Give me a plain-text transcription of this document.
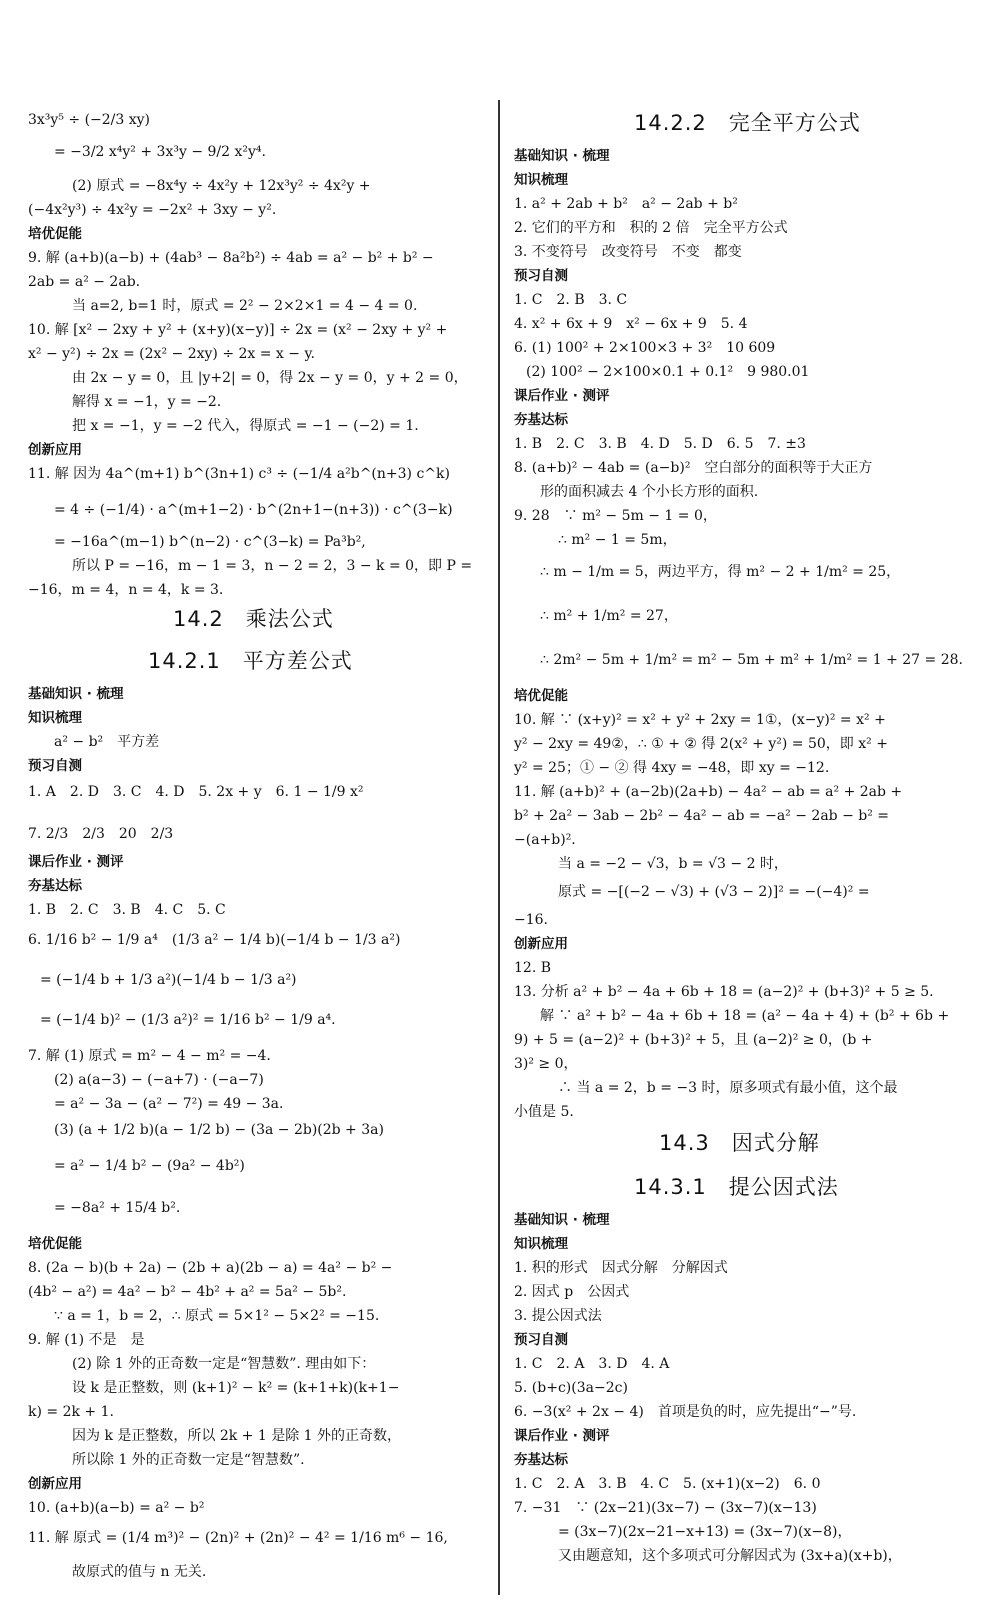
3x³y⁵ ÷ (−2/3 xy)
= −3/2 x⁴y² + 3x³y − 9/2 x²y⁴.
(2) 原式 = −8x⁴y ÷ 4x²y + 12x³y² ÷ 4x²y +
(−4x²y³) ÷ 4x²y = −2x² + 3xy − y².
培优促能
9. 解 (a+b)(a−b) + (4ab³ − 8a²b²) ÷ 4ab = a² − b² + b² −
2ab = a² − 2ab.
当 a=2, b=1 时，原式 = 2² − 2×2×1 = 4 − 4 = 0.
10. 解 [x² − 2xy + y² + (x+y)(x−y)] ÷ 2x = (x² − 2xy + y² +
x² − y²) ÷ 2x = (2x² − 2xy) ÷ 2x = x − y.
由 2x − y = 0，且 |y+2| = 0，得 2x − y = 0，y + 2 = 0，
解得 x = −1，y = −2.
把 x = −1，y = −2 代入，得原式 = −1 − (−2) = 1.
创新应用
11. 解 因为 4a^(m+1) b^(3n+1) c³ ÷ (−1/4 a²b^(n+3) c^k)
= 4 ÷ (−1/4) · a^(m+1−2) · b^(2n+1−(n+3)) · c^(3−k)
= −16a^(m−1) b^(n−2) · c^(3−k) = Pa³b²,
所以 P = −16，m − 1 = 3，n − 2 = 2，3 − k = 0，即 P =
−16，m = 4，n = 4，k = 3.
14.2　乘法公式
14.2.1　平方差公式
基础知识 · 梳理
知识梳理
a² − b²　平方差
预习自测
1. A　2. D　3. C　4. D　5. 2x + y　6. 1 − 1/9 x²
7. 2/3　2/3　20　2/3
课后作业 · 测评
夯基达标
1. B　2. C　3. B　4. C　5. C
6. 1/16 b² − 1/9 a⁴　(1/3 a² − 1/4 b)(−1/4 b − 1/3 a²)
= (−1/4 b + 1/3 a²)(−1/4 b − 1/3 a²)
= (−1/4 b)² − (1/3 a²)² = 1/16 b² − 1/9 a⁴.
7. 解 (1) 原式 = m² − 4 − m² = −4.
(2) a(a−3) − (−a+7) · (−a−7)
= a² − 3a − (a² − 7²) = 49 − 3a.
(3) (a + 1/2 b)(a − 1/2 b) − (3a − 2b)(2b + 3a)
= a² − 1/4 b² − (9a² − 4b²)
= −8a² + 15/4 b².
培优促能
8. (2a − b)(b + 2a) − (2b + a)(2b − a) = 4a² − b² −
(4b² − a²) = 4a² − b² − 4b² + a² = 5a² − 5b².
∵ a = 1，b = 2，∴ 原式 = 5×1² − 5×2² = −15.
9. 解 (1) 不是　是
(2) 除 1 外的正奇数一定是“智慧数”. 理由如下：
设 k 是正整数，则 (k+1)² − k² = (k+1+k)(k+1−
k) = 2k + 1.
因为 k 是正整数，所以 2k + 1 是除 1 外的正奇数，
所以除 1 外的正奇数一定是“智慧数”.
创新应用
10. (a+b)(a−b) = a² − b²
11. 解 原式 = (1/4 m³)² − (2n)² + (2n)² − 4² = 1/16 m⁶ − 16,
故原式的值与 n 无关.
14.2.2　完全平方公式
基础知识 · 梳理
知识梳理
1. a² + 2ab + b²　a² − 2ab + b²
2. 它们的平方和　积的 2 倍　完全平方公式
3. 不变符号　改变符号　不变　都变
预习自测
1. C　2. B　3. C
4. x² + 6x + 9　x² − 6x + 9　5. 4
6. (1) 100² + 2×100×3 + 3²　10 609
(2) 100² − 2×100×0.1 + 0.1²　9 980.01
课后作业 · 测评
夯基达标
1. B　2. C　3. B　4. D　5. D　6. 5　7. ±3
8. (a+b)² − 4ab = (a−b)²　空白部分的面积等于大正方
形的面积减去 4 个小长方形的面积.
9. 28　∵ m² − 5m − 1 = 0，
∴ m² − 1 = 5m，
∴ m − 1/m = 5，两边平方，得 m² − 2 + 1/m² = 25，
∴ m² + 1/m² = 27，
∴ 2m² − 5m + 1/m² = m² − 5m + m² + 1/m² = 1 + 27 = 28.
培优促能
10. 解 ∵ (x+y)² = x² + y² + 2xy = 1①，(x−y)² = x² +
y² − 2xy = 49②，∴ ① + ② 得 2(x² + y²) = 50，即 x² +
y² = 25；① − ② 得 4xy = −48，即 xy = −12.
11. 解 (a+b)² + (a−2b)(2a+b) − 4a² − ab = a² + 2ab +
b² + 2a² − 3ab − 2b² − 4a² − ab = −a² − 2ab − b² =
−(a+b)².
当 a = −2 − √3，b = √3 − 2 时，
原式 = −[(−2 − √3) + (√3 − 2)]² = −(−4)² =
−16.
创新应用
12. B
13. 分析 a² + b² − 4a + 6b + 18 = (a−2)² + (b+3)² + 5 ≥ 5.
解 ∵ a² + b² − 4a + 6b + 18 = (a² − 4a + 4) + (b² + 6b +
9) + 5 = (a−2)² + (b+3)² + 5，且 (a−2)² ≥ 0，(b +
3)² ≥ 0，
∴ 当 a = 2，b = −3 时，原多项式有最小值，这个最
小值是 5.
14.3　因式分解
14.3.1　提公因式法
基础知识 · 梳理
知识梳理
1. 积的形式　因式分解　分解因式
2. 因式 p　公因式
3. 提公因式法
预习自测
1. C　2. A　3. D　4. A
5. (b+c)(3a−2c)
6. −3(x² + 2x − 4)　首项是负的时，应先提出“−”号.
课后作业 · 测评
夯基达标
1. C　2. A　3. B　4. C　5. (x+1)(x−2)　6. 0
7. −31　∵ (2x−21)(3x−7) − (3x−7)(x−13)
= (3x−7)(2x−21−x+13) = (3x−7)(x−8)，
又由题意知，这个多项式可分解因式为 (3x+a)(x+b)，
